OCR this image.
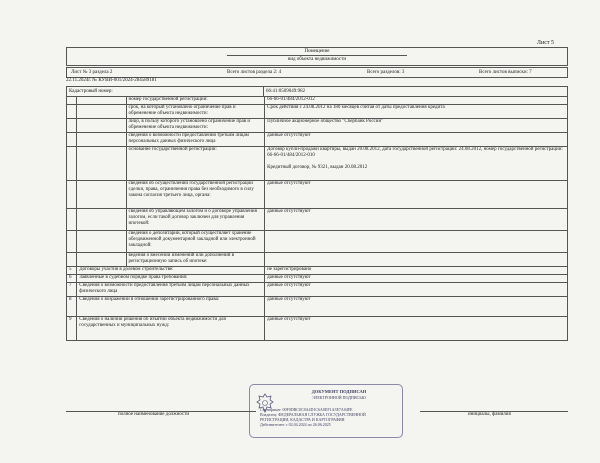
Лист 5
Помещение
вид объекта недвижимости
Лист № 3 раздела 2	Всего листов раздела 2: 4	Всего разделов: 3	Всего листов выписки: 7
22.11.2024г. № КУВИ-001/2024-284589181
Кадастровый номер:	66:41:0509049:982
		номер государственной регистрации:	66-66-01/484/2012-012
		срок, на который установлено ограничение прав и обременение объекта недвижимости:	Срок действия с 24.08.2012 на 180 месяцев считая от даты предоставления кредита
		лицо, в пользу которого установлено ограничение прав и обременение объекта недвижимости:	Публичное акционерное общество "Сбербанк России"
		сведения о возможности предоставления третьим лицам персональных данных физического лица	данные отсутствуют
		основание государственной регистрации:	Договор купли-продажи квартиры, выдан 20.08.2012, дата государственной регистрации: 24.08.2012, номер государственной регистрации: 66-66-01/484/2012-010
Кредитный договор, № 9321, выдан 20.08.2012

		сведения об осуществлении государственной регистрации сделки, права, ограничения права без необходимого в силу закона согласия третьего лица, органа:	данные отсутствуют
		сведения об управляющем залогом и о договоре управления залогом, если такой договор заключен для управления ипотекой:	данные отсутствуют
		сведения о депозитарии, который осуществляет хранение обездвиженной документарной закладной или электронной закладной:	
		ведения о внесении изменений или дополнений в регистрационную запись об ипотеке:	
5	Договоры участия в долевом строительстве:		не зарегистрировано
6	Заявленные в судебном порядке права требования:		данные отсутствуют
7	Сведения о возможности предоставления третьим лицам персональных данных физического лица		данные отсутствуют
8	Сведения о возражении в отношении зарегистрированного права:		данные отсутствуют
9	Сведения о наличии решения об изъятии объекта недвижимости для государственных и муниципальных нужд:		данные отсутствуют
ДОКУМЕНТ ПОДПИСАН
ЭЛЕКТРОННОЙ ПОДПИСЬЮ
Сертификат: 00F0DBC0C8A4D1C6A0EF1A3E7A04FE
Владелец: ФЕДЕРАЛЬНАЯ СЛУЖБА ГОСУДАРСТВЕННОЙ
РЕГИСТРАЦИИ, КАДАСТРА И КАРТОГРАФИИ
Действителен: с 02.04.2024 по 26.06.2025
полное наименование должности	инициалы, фамилия
